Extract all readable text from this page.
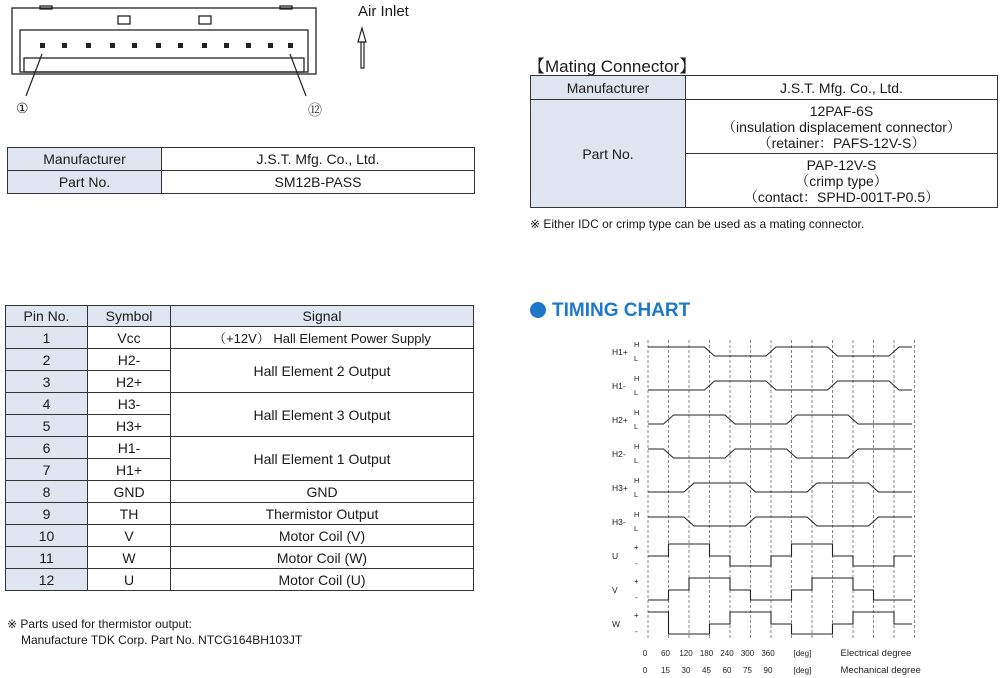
Air Inlet
①	⑫
Manufacturer	J.S.T. Mfg. Co., Ltd.
Part No.	SM12B-PASS
【Mating Connector】
Manufacturer	J.S.T. Mfg. Co., Ltd.
Part No.	12PAF-6S
（insulation displacement connector）
（retainer：PAFS-12V-S）

	PAP-12V-S
（crimp type）
（contact：SPHD-001T-P0.5）
※ Either IDC or crimp type can be used as a mating connector.
Pin No.	Symbol	Signal
1	Vcc	（+12V） Hall Element Power Supply
2	H2-	Hall Element 2 Output
3	H2+	
4	H3-	Hall Element 3 Output
5	H3+	
6	H1-	Hall Element 1 Output
7	H1+	
8	GND	GND
9	TH	Thermistor Output
10	V	Motor Coil (V)
11	W	Motor Coil (W)
12	U	Motor Coil (U)
※ Parts used for thermistor output:
Manufacture TDK Corp. Part No. NTCG164BH103JT
TIMING CHART
H1+
H
L
H1-
H
L
H2+
H
L
H2-
H
L
H3+
H
L
H3-
H
L
U
+
-
V
+
-
W
+
-
0 60 120 180 240 300 360 [deg]	Electrical degree
0 15 30 45 60 75 90	[deg]	Mechanical degree
